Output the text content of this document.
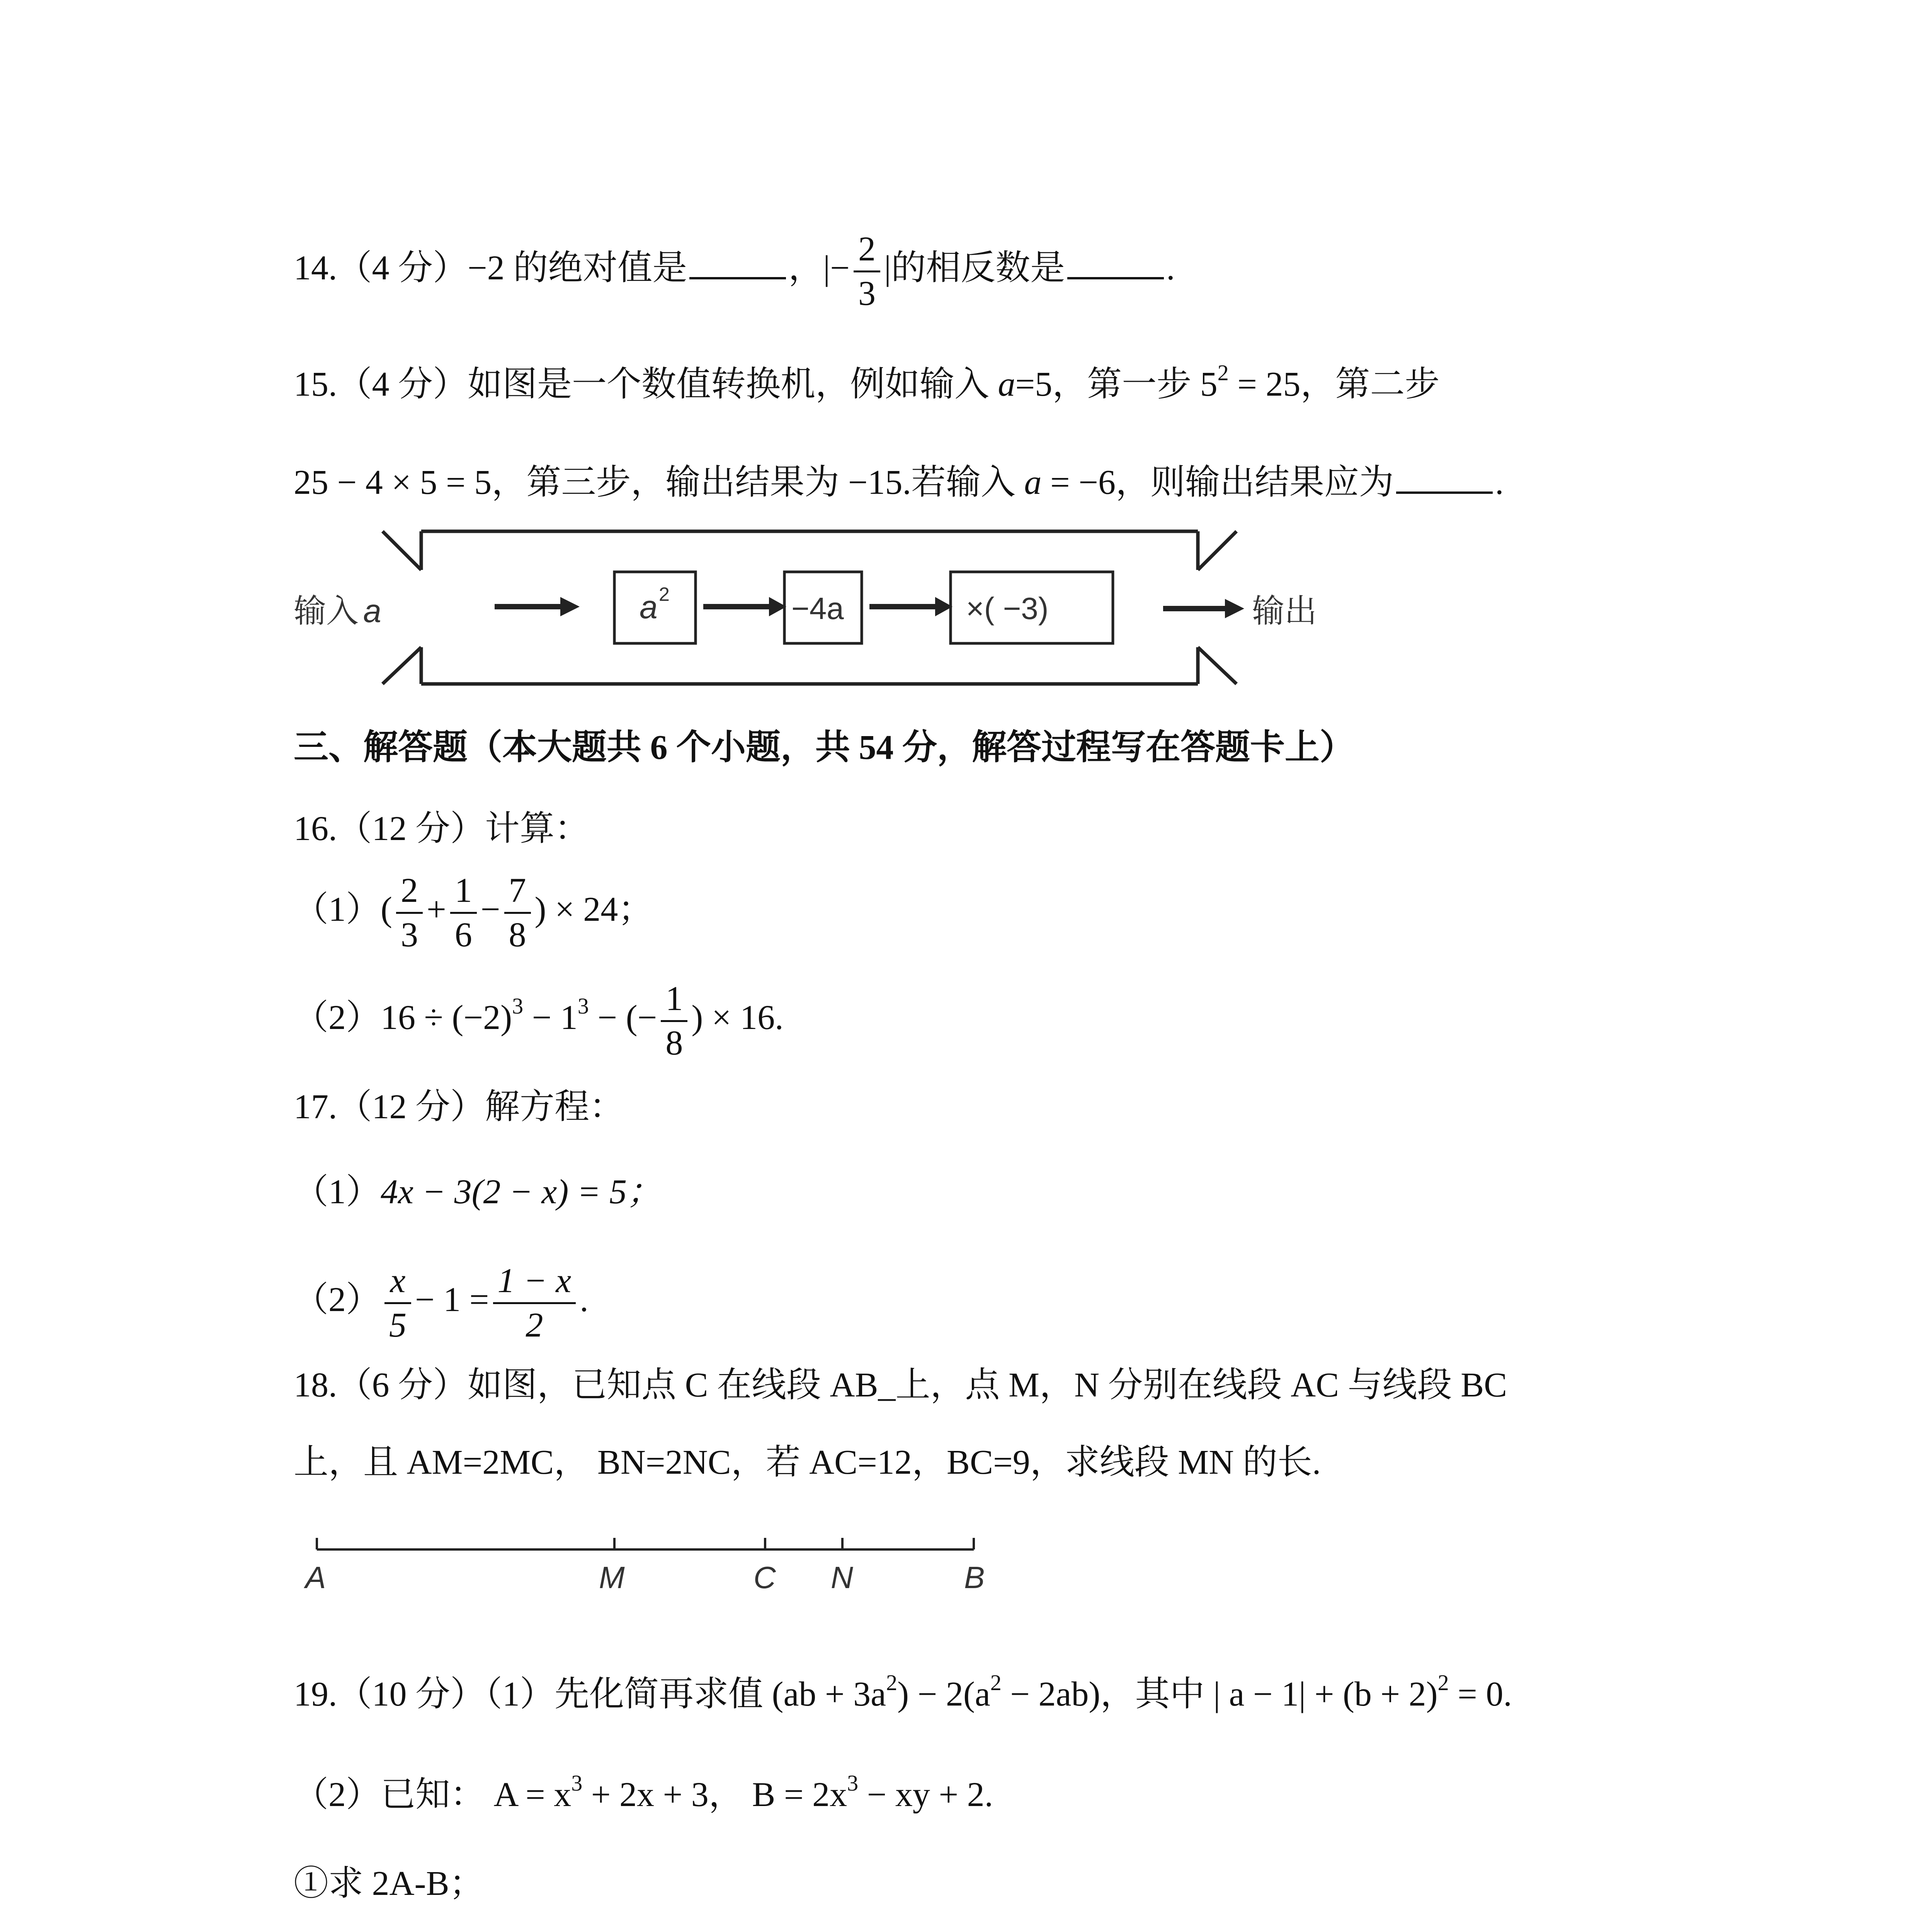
14.（4 分）−2 的绝对值是	，|− $\frac{2}{3}$ |的相反数是	.
15.（4 分）如图是一个数值转换机，例如输入 a=5，第一步 $5^2 = 25$，第二步
25 − 4 × 5 = 5，第三步，输出结果为 −15.若输入 a = −6，则输出结果应为	.
输入 a	a 2	−4a	×( −3)	输出
三、解答题（本大题共 6 个小题，共 54 分，解答过程写在答题卡上）
16.（12 分）计算：
$(1)( \frac{2}{3} + \frac{1}{6} - \frac{7}{8}$ ) × 24；
$(2)16 \div (-2)^3 - 1^3$ − (− $\frac{1}{8}$ ) × 16.
17.（12 分）解方程：
（1）4x − 3(2 − x) = 5；
$(2) \frac{x}{5} - 1 = \frac{1 - x}{2}$ .
18.（6 分）如图，已知点 C 在线段 AB_上，点 M，N 分别在线段 AC 与线段 BC
上，且 AM=2MC， BN=2NC，若 AC=12，BC=9，求线段 MN 的长.
A	M	C N	B
19.（10 分）（1）先化简再求值 $(ab + 3a^2) - 2(a^2 - 2ab)$，其中 | $a - 1| + (b + 2)^2 = 0$.
（2）已知： $A = x^3 + 2x + 3$， $B = 2x^3$ − xy + 2.
①求 2A-B；
